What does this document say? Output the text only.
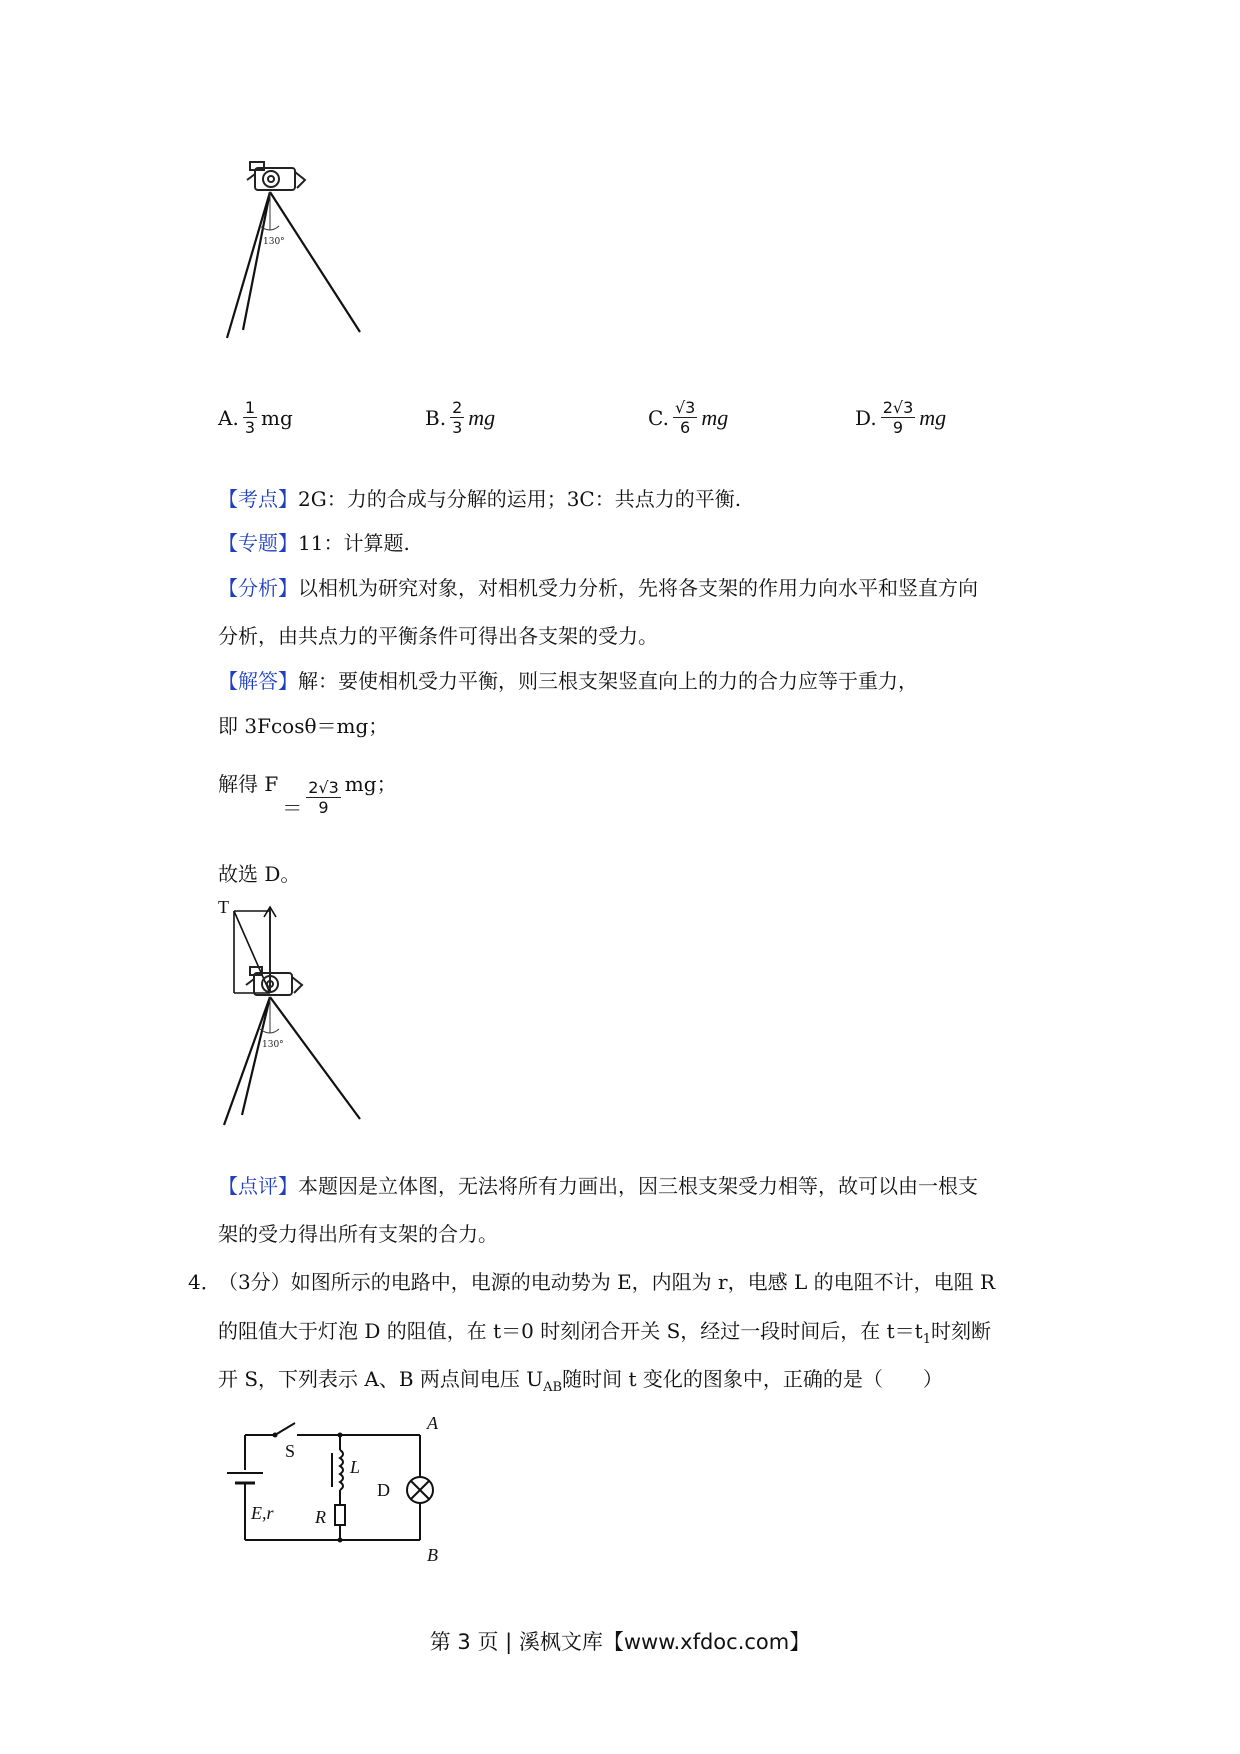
130°
A. $\frac{1}{3}$ mg	B. $\frac{2}{3}$ mg	C. $\frac{√3}{6}$ mg	D. $\frac{2√3}{9}$ mg
【考点】2G：力的合成与分解的运用；3C：共点力的平衡.
【专题】11：计算题.
【分析】以相机为研究对象，对相机受力分析，先将各支架的作用力向水平和竖直方向
分析，由共点力的平衡条件可得出各支架的受力。
【解答】解：要使相机受力平衡，则三根支架竖直向上的力的合力应等于重力，
即 3Fcosθ＝mg；
解得 F
＝ $\frac{2√3}{9}$ mg；
故选 D。
T
130°
【点评】本题因是立体图，无法将所有力画出，因三根支架受力相等，故可以由一根支
架的受力得出所有支架的合力。
4．
（3分）如图所示的电路中，电源的电动势为 E，内阻为 r，电感 L 的电阻不计，电阻 R
的阻值大于灯泡 D 的阻值，在 t＝0 时刻闭合开关 S，经过一段时间后，在 $t=t_1$时刻断
开 S，下列表示 A、B 两点间电压 $U_{AB}$随时间 t 变化的图象中，正确的是（　　）
S
L
D
R
E,r
A
B
第 3 页 | 溪枫文库【www.xfdoc.com】
